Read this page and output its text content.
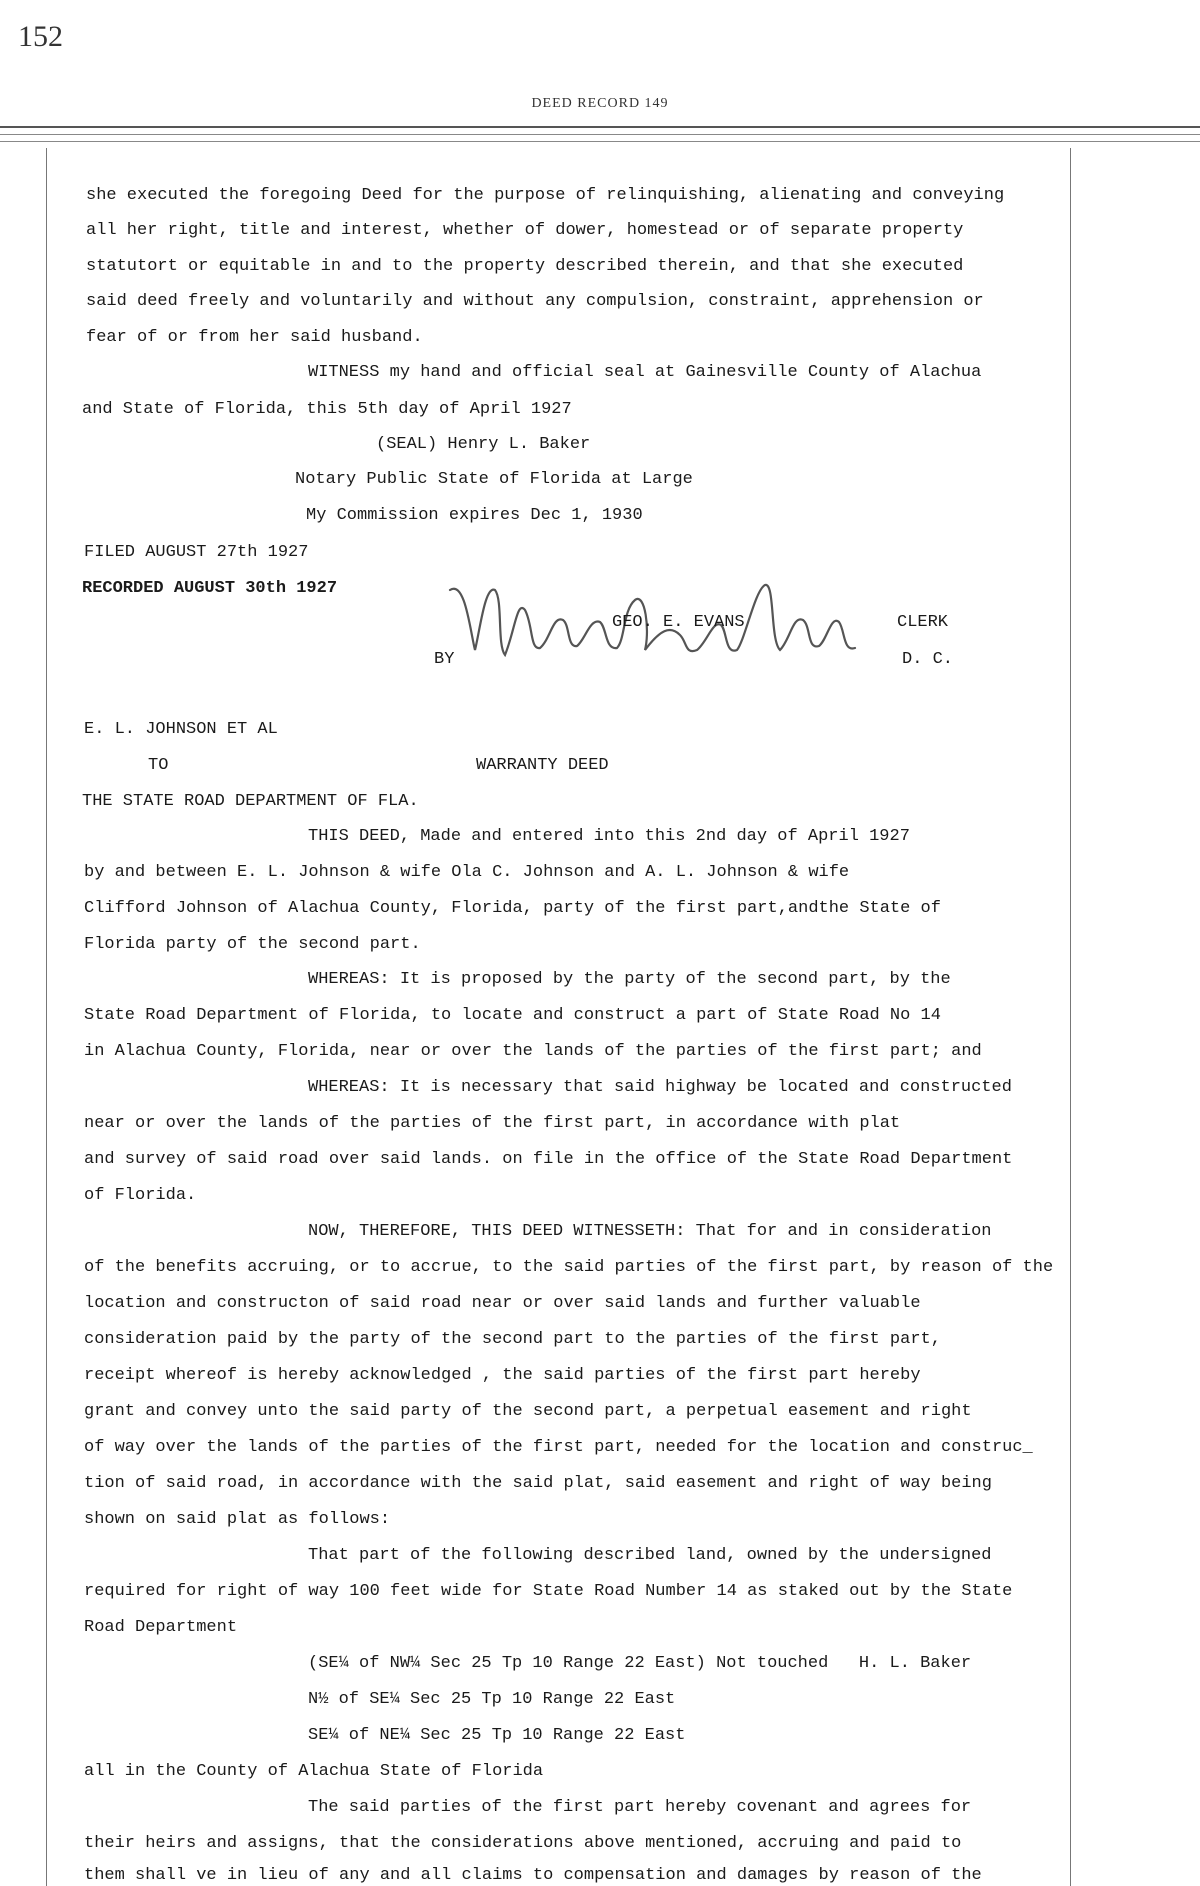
152
DEED RECORD 149
she executed the foregoing Deed for the purpose of relinquishing, alienating and conveying
all her right, title and interest, whether of dower, homestead or of separate property
statutort or equitable in and to the property described therein, and that she executed
said deed freely and voluntarily and without any compulsion, constraint, apprehension or
fear of or from her said husband.
WITNESS my hand and official seal at Gainesville County of Alachua
and State of Florida, this 5th day of April 1927
(SEAL) Henry L. Baker
Notary Public State of Florida at Large
My Commission expires Dec 1, 1930
FILED AUGUST 27th 1927
RECORDED AUGUST 30th 1927
GEO. E. EVANS	CLERK
BY	D. C.
E. L. JOHNSON ET AL
TO	WARRANTY DEED
THE STATE ROAD DEPARTMENT OF FLA.
THIS DEED, Made and entered into this 2nd day of April 1927
by and between E. L. Johnson & wife Ola C. Johnson and A. L. Johnson & wife
Clifford Johnson of Alachua County, Florida, party of the first part,andthe State of
Florida party of the second part.
WHEREAS: It is proposed by the party of the second part, by the
State Road Department of Florida, to locate and construct a part of State Road No 14
in Alachua County, Florida, near or over the lands of the parties of the first part; and
WHEREAS: It is necessary that said highway be located and constructed
near or over the lands of the parties of the first part, in accordance with plat
and survey of said road over said lands. on file in the office of the State Road Department
of Florida.
NOW, THEREFORE, THIS DEED WITNESSETH: That for and in consideration
of the benefits accruing, or to accrue, to the said parties of the first part, by reason of the
location and constructon of said road near or over said lands and further valuable
consideration paid by the party of the second part to the parties of the first part,
receipt whereof is hereby acknowledged , the said parties of the first part hereby
grant and convey unto the said party of the second part, a perpetual easement and right
of way over the lands of the parties of the first part, needed for the location and construc_
tion of said road, in accordance with the said plat, said easement and right of way being
shown on said plat as follows:
That part of the following described land, owned by the undersigned
required for right of way 100 feet wide for State Road Number 14 as staked out by the State
Road Department
(SE¼ of NW¼ Sec 25 Tp 10 Range 22 East) Not touched   H. L. Baker
N½ of SE¼ Sec 25 Tp 10 Range 22 East
SE¼ of NE¼ Sec 25 Tp 10 Range 22 East
all in the County of Alachua State of Florida
The said parties of the first part hereby covenant and agrees for
their heirs and assigns, that the considerations above mentioned, accruing and paid to
them shall ve in lieu of any and all claims to compensation and damages by reason of the
